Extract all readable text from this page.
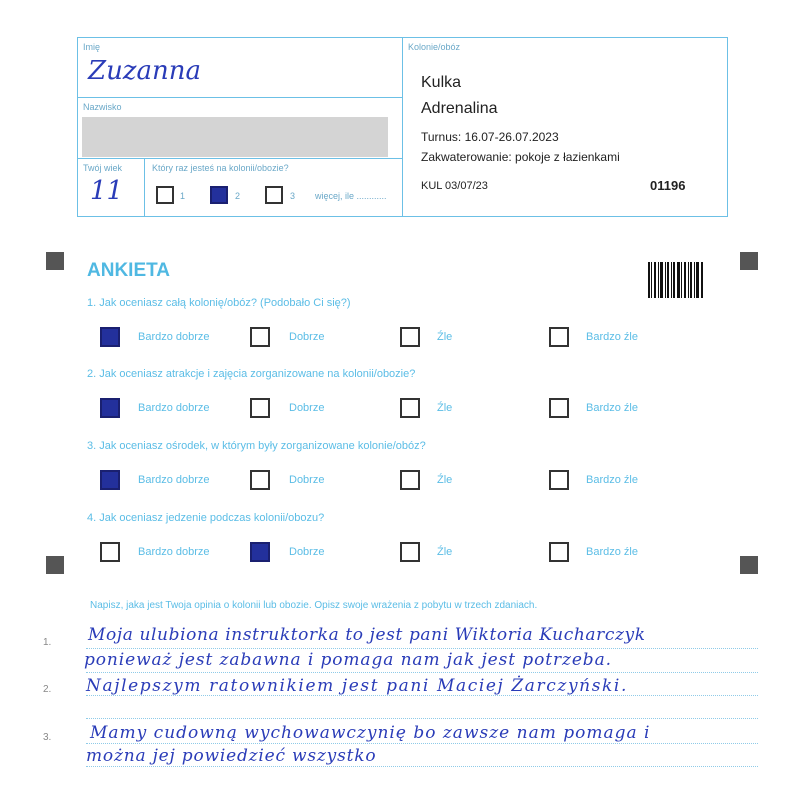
Imię
Zuzanna
Nazwisko
Twój wiek
11
Który raz jesteś na kolonii/obozie?
1	2	3 więcej, ile ............
Kolonie/obóz
Kulka
Adrenalina
Turnus: 16.07-26.07.2023
Zakwaterowanie: pokoje z łazienkami
KUL 03/07/23	01196
ANKIETA
1. Jak oceniasz całą kolonię/obóz? (Podobało Ci się?)
Bardzo dobrze	Dobrze	Źle	Bardzo źle
2. Jak oceniasz atrakcje i zajęcia zorganizowane na kolonii/obozie?
Bardzo dobrze	Dobrze	Źle	Bardzo źle
3. Jak oceniasz ośrodek, w którym były zorganizowane kolonie/obóz?
Bardzo dobrze	Dobrze	Źle	Bardzo źle
4. Jak oceniasz jedzenie podczas kolonii/obozu?
Bardzo dobrze	Dobrze	Źle	Bardzo źle
Napisz, jaka jest Twoja opinia o kolonii lub obozie. Opisz swoje wrażenia z pobytu w trzech zdaniach.
1.
2.
3.
Moja ulubiona instruktorka to jest pani Wiktoria Kucharczyk
ponieważ jest zabawna i pomaga nam jak jest potrzeba.
Najlepszym ratownikiem jest pani Maciej Żarczyński.
Mamy cudowną wychowawczynię bo zawsze nam pomaga i
można jej powiedzieć wszystko
